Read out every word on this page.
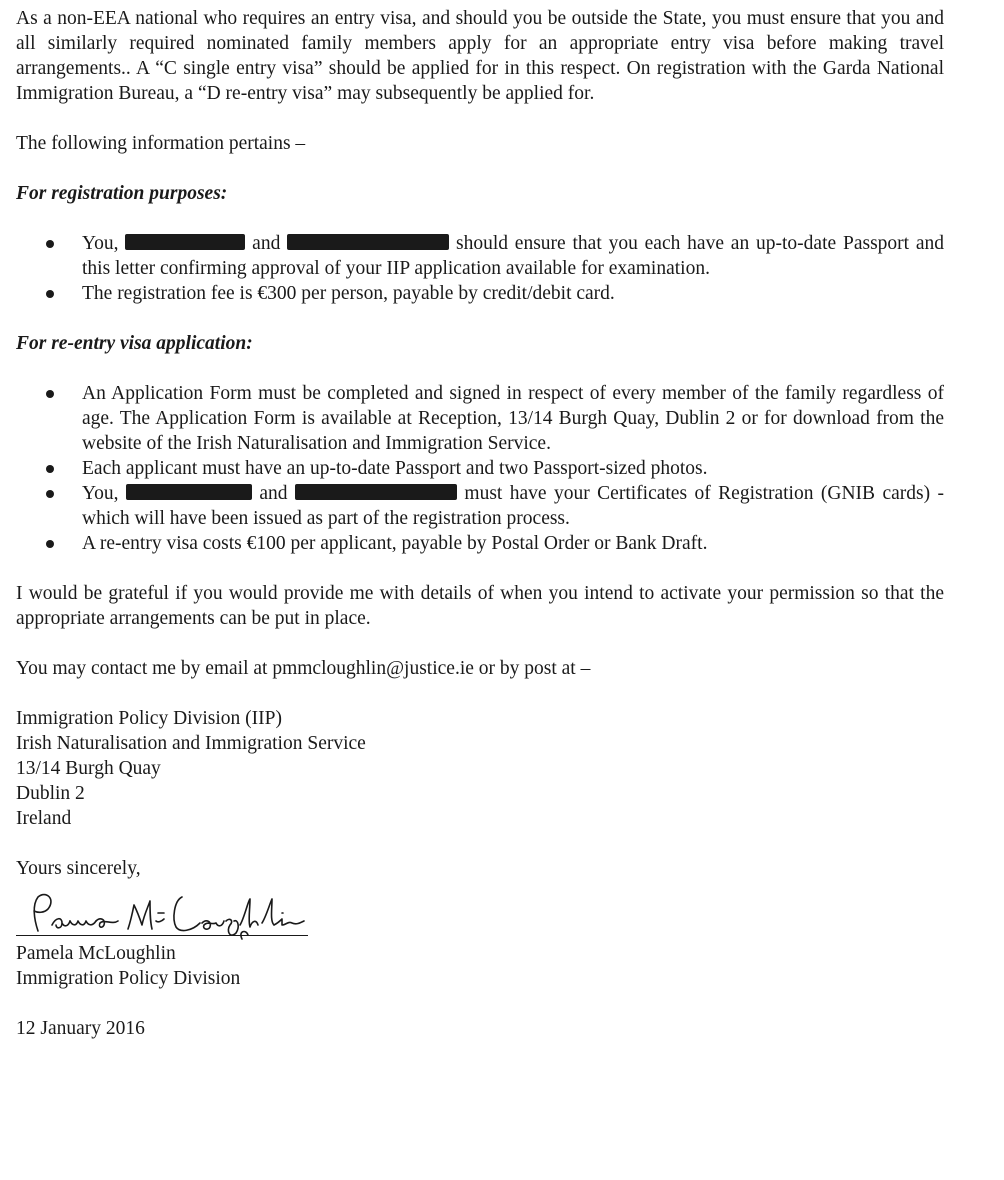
As a non-EEA national who requires an entry visa, and should you be outside the State, you must ensure that you and all similarly required nominated family members apply for an appropriate entry visa before making travel arrangements.. A “C single entry visa” should be applied for in this respect. On registration with the Garda National Immigration Bureau, a “D re-entry visa” may subsequently be applied for.

The following information pertains –

For registration purposes:

You,	and	should ensure that you each have an up-to-date Passport and this letter confirming approval of your IIP application available for examination.
The registration fee is €300 per person, payable by credit/debit card.

For re-entry visa application:

An Application Form must be completed and signed in respect of every member of the family regardless of age. The Application Form is available at Reception, 13/14 Burgh Quay, Dublin 2 or for download from the website of the Irish Naturalisation and Immigration Service.
Each applicant must have an up-to-date Passport and two Passport-sized photos.
You,	and	must have your Certificates of Registration (GNIB cards) - which will have been issued as part of the registration process.
A re-entry visa costs €100 per applicant, payable by Postal Order or Bank Draft.

I would be grateful if you would provide me with details of when you intend to activate your permission so that the appropriate arrangements can be put in place.

You may contact me by email at pmmcloughlin@justice.ie or by post at –

Immigration Policy Division (IIP)

Irish Naturalisation and Immigration Service

13/14 Burgh Quay

Dublin 2

Ireland

Yours sincerely,

Pamela McLoughlin

Immigration Policy Division

12 January 2016
